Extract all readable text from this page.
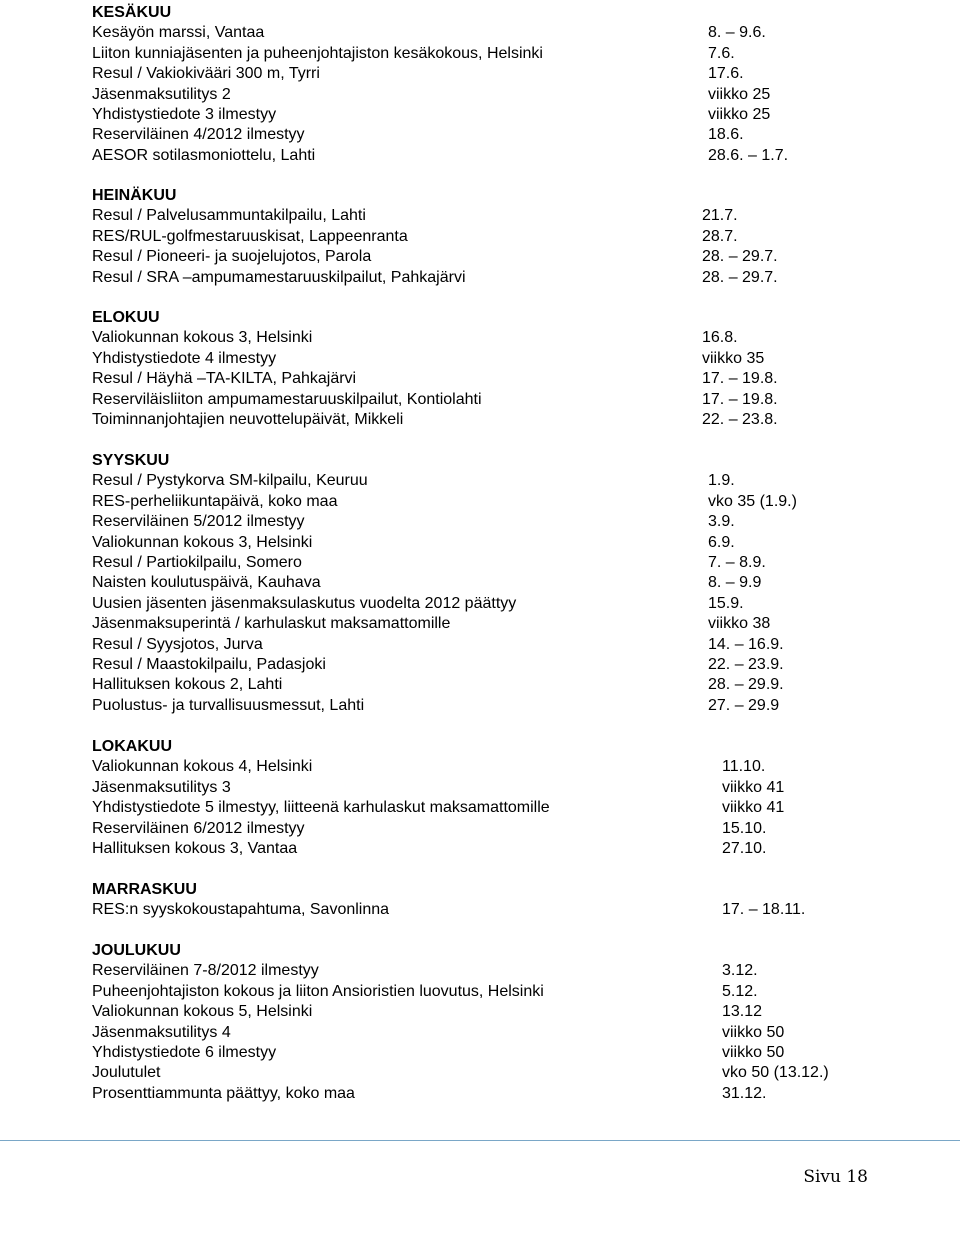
KESÄKUU
Kesäyön marssi, Vantaa	8. – 9.6.
Liiton kunniajäsenten ja puheenjohtajiston kesäkokous, Helsinki	7.6.
Resul / Vakiokivääri 300 m, Tyrri	17.6.
Jäsenmaksutilitys 2	viikko 25
Yhdistystiedote 3 ilmestyy	viikko 25
Reserviläinen 4/2012 ilmestyy	18.6.
AESOR sotilasmoniottelu, Lahti	28.6. – 1.7.
HEINÄKUU
Resul / Palvelusammuntakilpailu, Lahti	21.7.
RES/RUL-golfmestaruuskisat, Lappeenranta	28.7.
Resul / Pioneeri- ja suojelujotos, Parola	28. – 29.7.
Resul / SRA –ampumamestaruuskilpailut, Pahkajärvi	28. – 29.7.
ELOKUU
Valiokunnan kokous 3, Helsinki	16.8.
Yhdistystiedote 4 ilmestyy	viikko 35
Resul / Häyhä –TA-KILTA, Pahkajärvi	17. – 19.8.
Reserviläisliiton ampumamestaruuskilpailut, Kontiolahti	17. – 19.8.
Toiminnanjohtajien neuvottelupäivät, Mikkeli	22. – 23.8.
SYYSKUU
Resul / Pystykorva SM-kilpailu, Keuruu	1.9.
RES-perheliikuntapäivä, koko maa	vko 35 (1.9.)
Reserviläinen 5/2012 ilmestyy	3.9.
Valiokunnan kokous 3, Helsinki	6.9.
Resul / Partiokilpailu, Somero	7. – 8.9.
Naisten koulutuspäivä, Kauhava	8. – 9.9
Uusien jäsenten jäsenmaksulaskutus vuodelta 2012 päättyy	15.9.
Jäsenmaksuperintä / karhulaskut maksamattomille	viikko 38
Resul / Syysjotos, Jurva	14. – 16.9.
Resul / Maastokilpailu, Padasjoki	22. – 23.9.
Hallituksen kokous 2, Lahti	28. – 29.9.
Puolustus- ja turvallisuusmessut, Lahti	27. – 29.9
LOKAKUU
Valiokunnan kokous 4, Helsinki	11.10.
Jäsenmaksutilitys 3	viikko 41
Yhdistystiedote 5 ilmestyy, liitteenä karhulaskut maksamattomille	viikko 41
Reserviläinen 6/2012 ilmestyy	15.10.
Hallituksen kokous 3, Vantaa	27.10.
MARRASKUU
RES:n syyskokoustapahtuma, Savonlinna	17. – 18.11.
JOULUKUU
Reserviläinen 7-8/2012 ilmestyy	3.12.
Puheenjohtajiston kokous ja liiton Ansioristien luovutus, Helsinki	5.12.
Valiokunnan kokous 5, Helsinki	13.12
Jäsenmaksutilitys 4	viikko 50
Yhdistystiedote 6 ilmestyy	viikko 50
Joulutulet	vko 50 (13.12.)
Prosenttiammunta päättyy, koko maa	31.12.
Sivu 18
